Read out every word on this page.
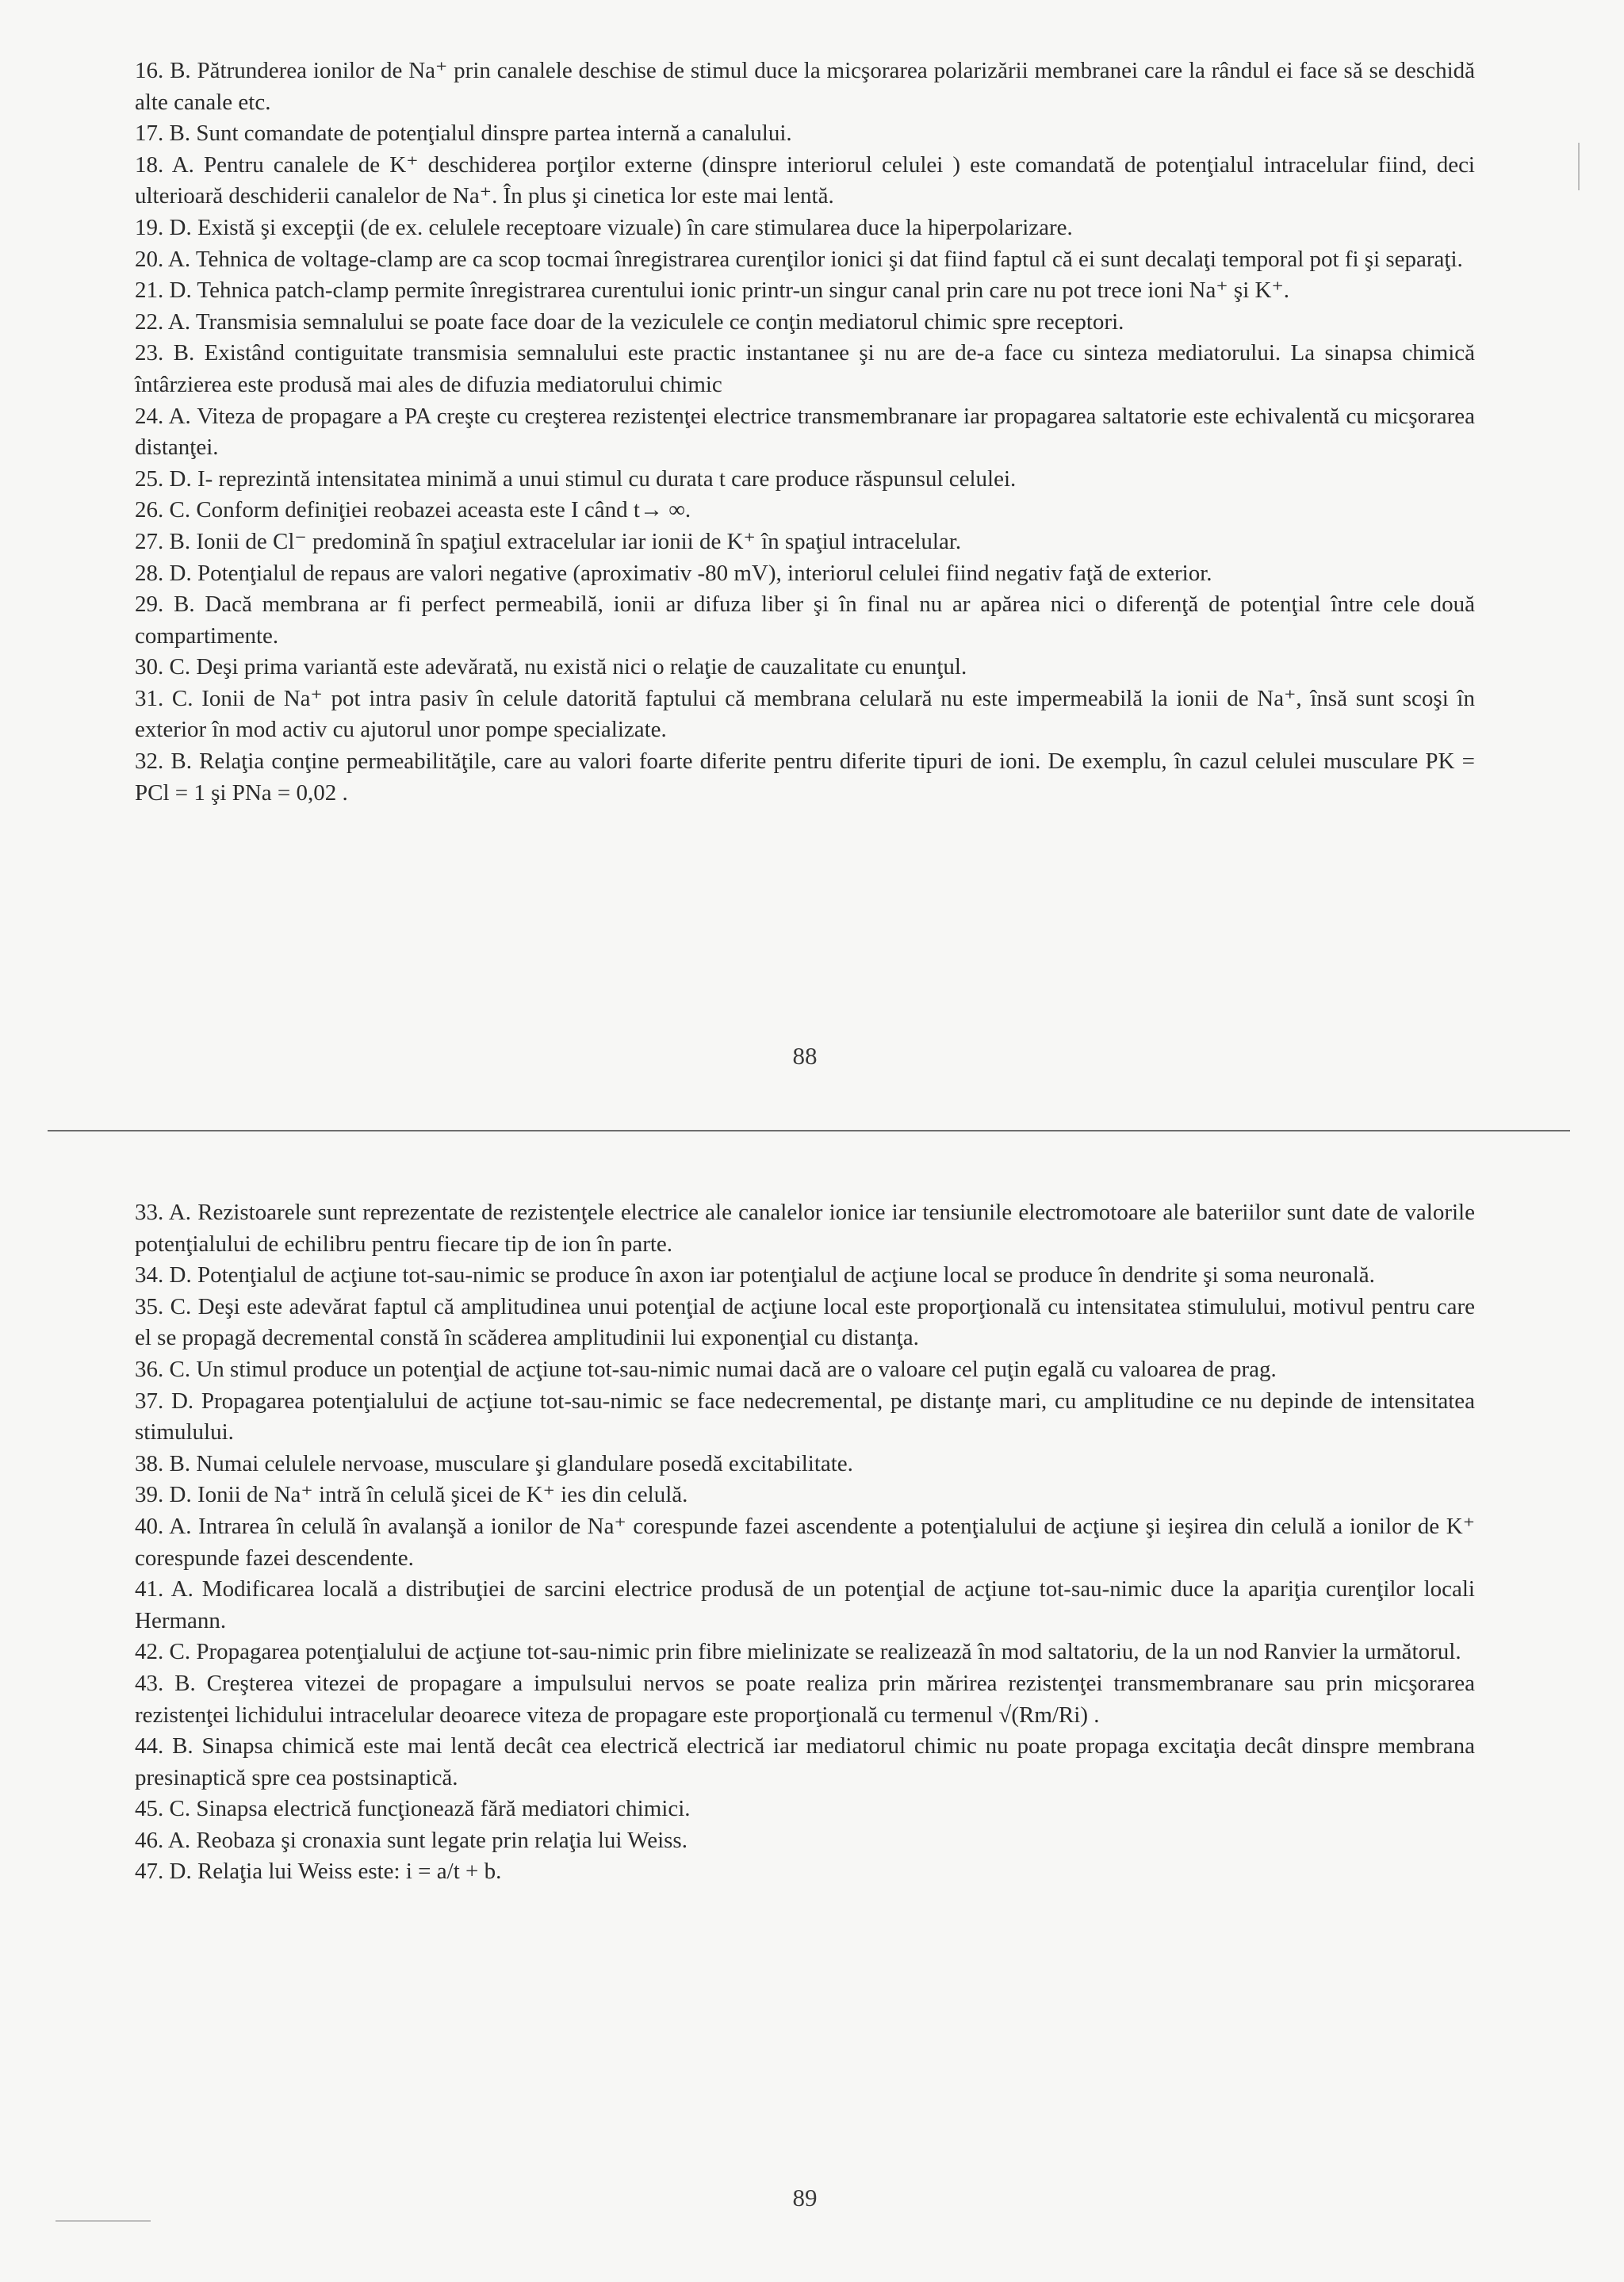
16. B. Pătrunderea ionilor de Na⁺ prin canalele deschise de stimul duce la micşorarea polarizării membranei care la rândul ei face să se deschidă alte canale etc.

17. B. Sunt comandate de potenţialul dinspre partea internă a canalului.

18. A. Pentru canalele de K⁺ deschiderea porţilor externe (dinspre interiorul celulei ) este comandată de potenţialul intracelular fiind, deci ulterioară deschiderii canalelor de Na⁺. În plus şi cinetica lor este mai lentă.

19. D. Există şi excepţii (de ex. celulele receptoare vizuale) în care stimularea duce la hiperpolarizare.

20. A. Tehnica de voltage-clamp are ca scop tocmai înregistrarea curenţilor ionici şi dat fiind faptul că ei sunt decalaţi temporal pot fi şi separaţi.

21. D. Tehnica patch-clamp permite înregistrarea curentului ionic printr-un singur canal prin care nu pot trece ioni Na⁺ şi K⁺.

22. A. Transmisia semnalului se poate face doar de la veziculele ce conţin mediatorul chimic spre receptori.

23. B. Existând contiguitate transmisia semnalului este practic instantanee şi nu are de-a face cu sinteza mediatorului. La sinapsa chimică întârzierea este produsă mai ales de difuzia mediatorului chimic

24. A. Viteza de propagare a PA creşte cu creşterea rezistenţei electrice transmembranare iar propagarea saltatorie este echivalentă cu micşorarea distanţei.

25. D. I- reprezintă intensitatea minimă a unui stimul cu durata t care produce răspunsul celulei.

26. C. Conform definiţiei reobazei aceasta este I când t→ ∞.

27. B. Ionii de Cl⁻ predomină în spaţiul extracelular iar ionii de K⁺ în spaţiul intracelular.

28. D. Potenţialul de repaus are valori negative (aproximativ -80 mV), interiorul celulei fiind negativ faţă de exterior.

29. B. Dacă membrana ar fi perfect permeabilă, ionii ar difuza liber şi în final nu ar apărea nici o diferenţă de potenţial între cele două compartimente.

30. C. Deşi prima variantă este adevărată, nu există nici o relaţie de cauzalitate cu enunţul.

31. C. Ionii de Na⁺ pot intra pasiv în celule datorită faptului că membrana celulară nu este impermeabilă la ionii de Na⁺, însă sunt scoşi în exterior în mod activ cu ajutorul unor pompe specializate.

32. B. Relaţia conţine permeabilităţile, care au valori foarte diferite pentru diferite tipuri de ioni. De exemplu, în cazul celulei musculare PK = PCl = 1 şi PNa = 0,02 .

88

33. A. Rezistoarele sunt reprezentate de rezistenţele electrice ale canalelor ionice iar tensiunile electromotoare ale bateriilor sunt date de valorile potenţialului de echilibru pentru fiecare tip de ion în parte.

34. D. Potenţialul de acţiune tot-sau-nimic se produce în axon iar potenţialul de acţiune local se produce în dendrite şi soma neuronală.

35. C. Deşi este adevărat faptul că amplitudinea unui potenţial de acţiune local este proporţională cu intensitatea stimulului, motivul pentru care el se propagă decremental constă în scăderea amplitudinii lui exponenţial cu distanţa.

36. C. Un stimul produce un potenţial de acţiune tot-sau-nimic numai dacă are o valoare cel puţin egală cu valoarea de prag.

37. D. Propagarea potenţialului de acţiune tot-sau-nimic se face nedecremental, pe distanţe mari, cu amplitudine ce nu depinde de intensitatea stimulului.

38. B. Numai celulele nervoase, musculare şi glandulare posedă excitabilitate.

39. D. Ionii de Na⁺ intră în celulă şicei de K⁺ ies din celulă.

40. A. Intrarea în celulă în avalanşă a ionilor de Na⁺ corespunde fazei ascendente a potenţialului de acţiune şi ieşirea din celulă a ionilor de K⁺ corespunde fazei descendente.

41. A. Modificarea locală a distribuţiei de sarcini electrice produsă de un potenţial de acţiune tot-sau-nimic duce la apariţia curenţilor locali Hermann.

42. C. Propagarea potenţialului de acţiune tot-sau-nimic prin fibre mielinizate se realizează în mod saltatoriu, de la un nod Ranvier la următorul.

43. B. Creşterea vitezei de propagare a impulsului nervos se poate realiza prin mărirea rezistenţei transmembranare sau prin micşorarea rezistenţei lichidului intracelular deoarece viteza de propagare este proporţională cu termenul √(Rm/Ri) .

44. B. Sinapsa chimică este mai lentă decât cea electrică electrică iar mediatorul chimic nu poate propaga excitaţia decât dinspre membrana presinaptică spre cea postsinaptică.

45. C. Sinapsa electrică funcţionează fără mediatori chimici.

46. A. Reobaza şi cronaxia sunt legate prin relaţia lui Weiss.

47. D. Relaţia lui Weiss este: i = a/t + b.

89
